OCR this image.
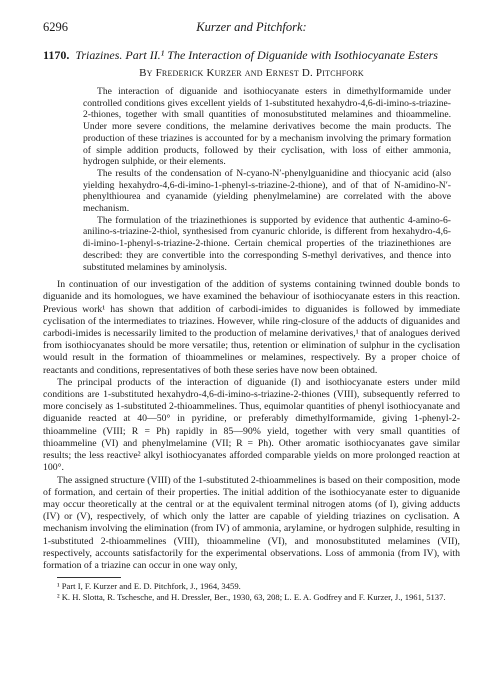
6296	Kurzer and Pitchfork:
1170. Triazines. Part II.¹ The Interaction of Diguanide with Isothiocyanate Esters
By Frederick Kurzer and Ernest D. Pitchfork

The interaction of diguanide and isothiocyanate esters in dimethylformamide under controlled conditions gives excellent yields of 1-substituted hexahydro-4,6-di-imino-s-triazine-2-thiones, together with small quantities of monosubstituted melamines and thioammeline. Under more severe conditions, the melamine derivatives become the main products. The production of these triazines is accounted for by a mechanism involving the primary formation of simple addition products, followed by their cyclisation, with loss of either ammonia, hydrogen sulphide, or their elements.

The results of the condensation of N-cyano-N′-phenylguanidine and thiocyanic acid (also yielding hexahydro-4,6-di-imino-1-phenyl-s-triazine-2-thione), and of that of N-amidino-N′-phenylthiourea and cyanamide (yielding phenylmelamine) are correlated with the above mechanism.

The formulation of the triazinethiones is supported by evidence that authentic 4-amino-6-anilino-s-triazine-2-thiol, synthesised from cyanuric chloride, is different from hexahydro-4,6-di-imino-1-phenyl-s-triazine-2-thione. Certain chemical properties of the triazinethiones are described: they are convertible into the corresponding S-methyl derivatives, and thence into substituted melamines by aminolysis.

In continuation of our investigation of the addition of systems containing twinned double bonds to diguanide and its homologues, we have examined the behaviour of isothiocyanate esters in this reaction. Previous work¹ has shown that addition of carbodi-imides to diguanides is followed by immediate cyclisation of the intermediates to triazines. However, while ring-closure of the adducts of diguanides and carbodi-imides is necessarily limited to the production of melamine derivatives,¹ that of analogues derived from isothiocyanates should be more versatile; thus, retention or elimination of sulphur in the cyclisation would result in the formation of thioammelines or melamines, respectively. By a proper choice of reactants and conditions, representatives of both these series have now been obtained.

The principal products of the interaction of diguanide (I) and isothiocyanate esters under mild conditions are 1-substituted hexahydro-4,6-di-imino-s-triazine-2-thiones (VIII), subsequently referred to more concisely as 1-substituted 2-thioammelines. Thus, equimolar quantities of phenyl isothiocyanate and diguanide reacted at 40—50° in pyridine, or preferably dimethylformamide, giving 1-phenyl-2-thioammeline (VIII; R = Ph) rapidly in 85—90% yield, together with very small quantities of thioammeline (VI) and phenylmelamine (VII; R = Ph). Other aromatic isothiocyanates gave similar results; the less reactive² alkyl isothiocyanates afforded comparable yields on more prolonged reaction at 100°.

The assigned structure (VIII) of the 1-substituted 2-thioammelines is based on their composition, mode of formation, and certain of their properties. The initial addition of the isothiocyanate ester to diguanide may occur theoretically at the central or at the equivalent terminal nitrogen atoms (of I), giving adducts (IV) or (V), respectively, of which only the latter are capable of yielding triazines on cyclisation. A mechanism involving the elimination (from IV) of ammonia, arylamine, or hydrogen sulphide, resulting in 1-substituted 2-thioammelines (VIII), thioammeline (VI), and monosubstituted melamines (VII), respectively, accounts satisfactorily for the experimental observations. Loss of ammonia (from IV), with formation of a triazine can occur in one way only,

¹ Part I, F. Kurzer and E. D. Pitchfork, J., 1964, 3459.

² K. H. Slotta, R. Tschesche, and H. Dressler, Ber., 1930, 63, 208; L. E. A. Godfrey and F. Kurzer, J., 1961, 5137.
